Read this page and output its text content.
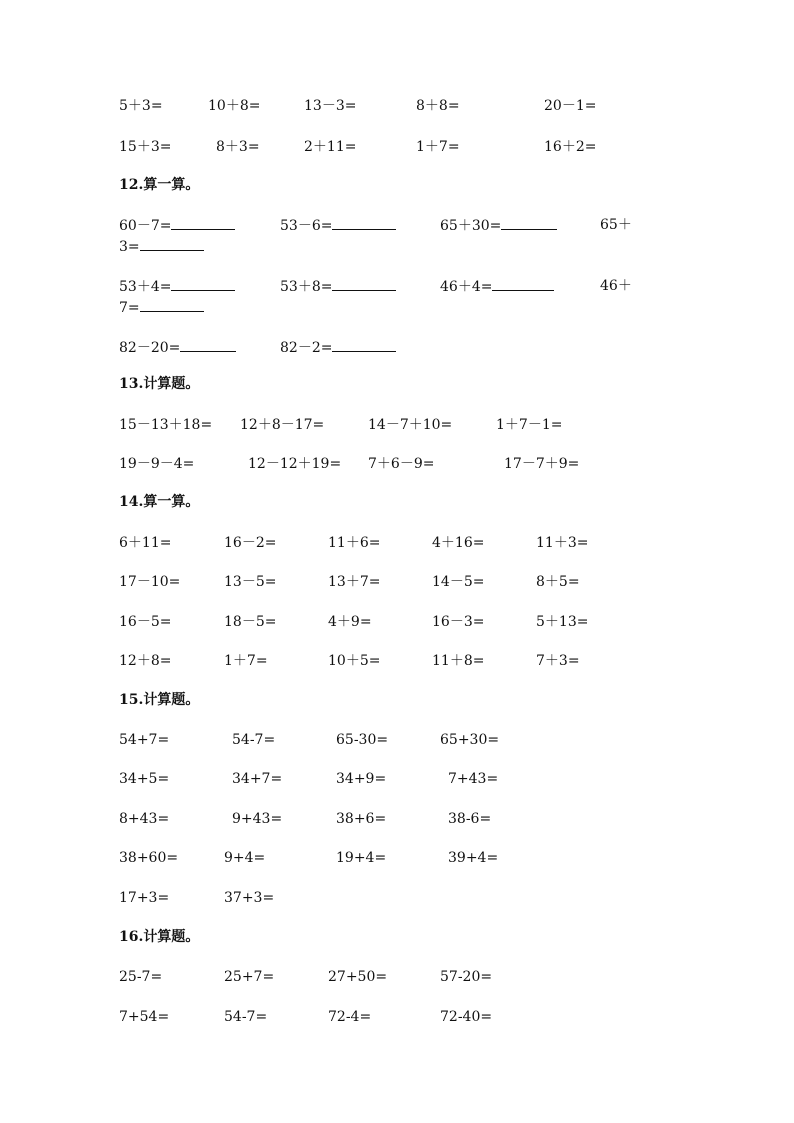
5＋3=	10＋8=	13－3=	8＋8=	20－1=
15＋3=	8＋3=	2＋11=	1＋7=	16＋2=
12.算一算。
60－7=	53－6=	65＋30=	65＋
3=
53＋4=	53＋8=	46＋4=	46＋
7=
82－20=	82－2=
13.计算题。
15－13＋18= 12＋8－17=	14－7＋10=	1＋7－1=
19－9－4=	12－12＋19= 7＋6－9=	17－7＋9=
14.算一算。
6＋11=	16－2=	11＋6=	4＋16=	11＋3=
17－10=	13－5=	13＋7=	14－5=	8＋5=
16－5=	18－5=	4＋9=	16－3=	5＋13=
12＋8=	1＋7=	10＋5=	11＋8=	7＋3=
15.计算题。
54+7=	54-7=	65-30=	65+30=
34+5=	34+7=	34+9=	7+43=
8+43=	9+43=	38+6=	38-6=
38+60=	9+4=	19+4=	39+4=
17+3=	37+3=
16.计算题。
25-7=	25+7=	27+50=	57-20=
7+54=	54-7=	72-4=	72-40=
